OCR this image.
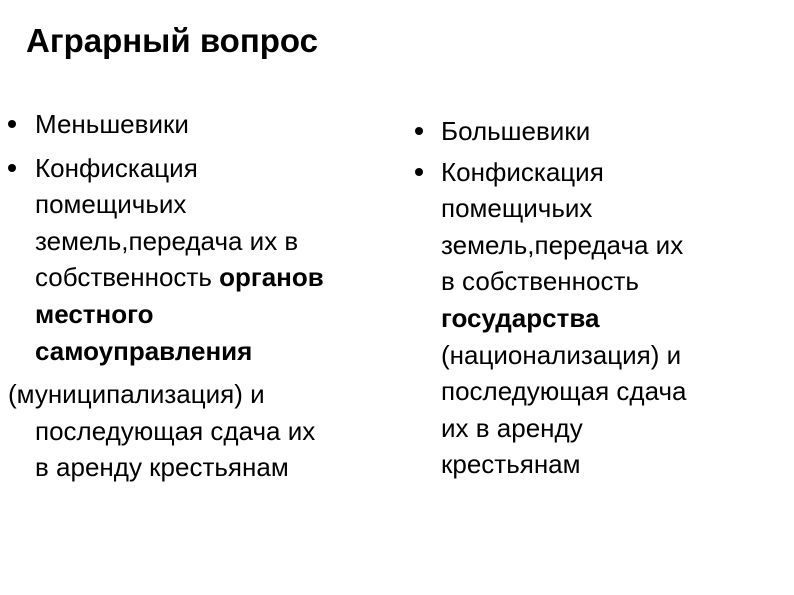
Аграрный вопрос
Меньшевики
Конфискация
помещичьих
земель,передача их в
собственность органов
местного
самоуправления
(муниципализация) и
последующая сдача их
в аренду крестьянам
Большевики
Конфискация
помещичьих
земель,передача их
в собственность
государства
(национализация) и
последующая сдача
их в аренду
крестьянам
